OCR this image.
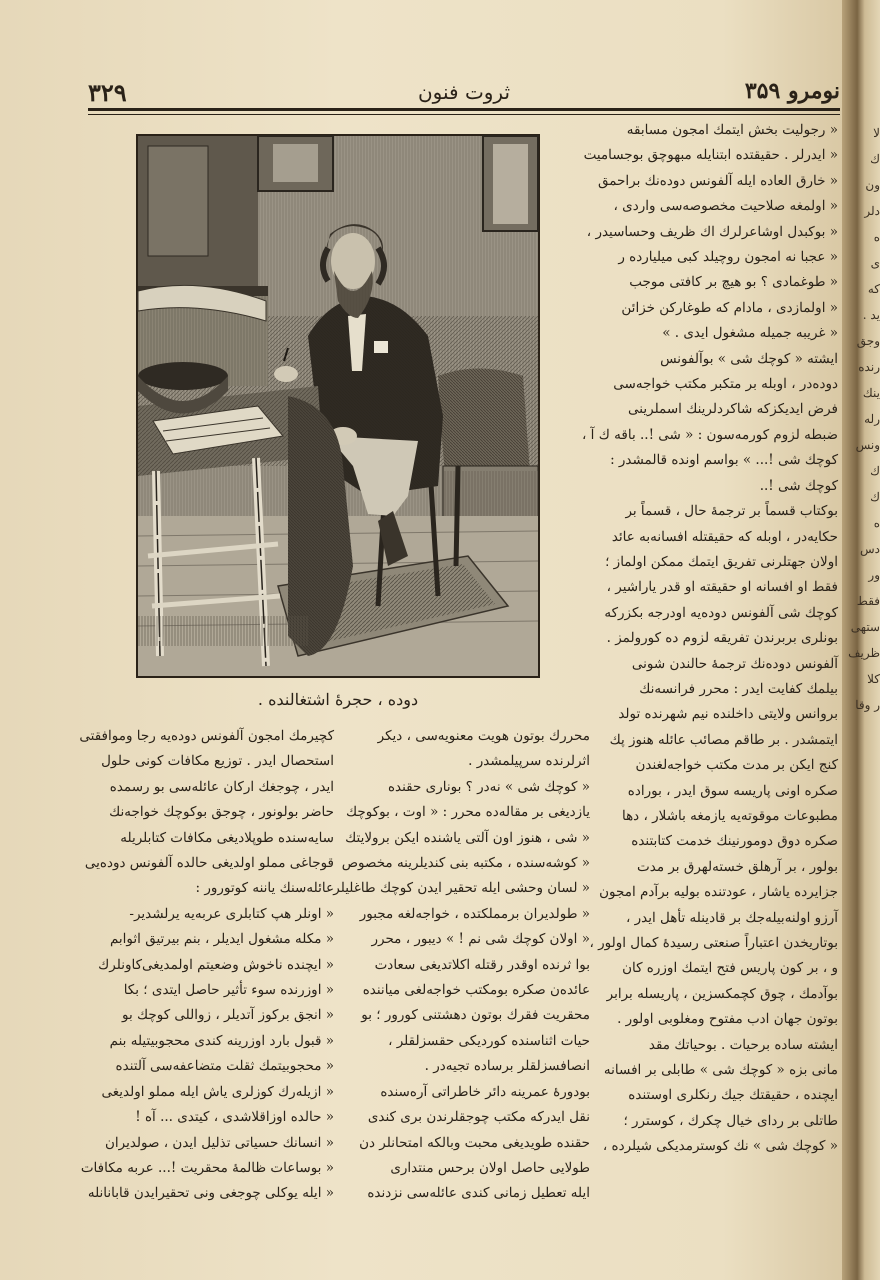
لا
ك
ون
دلر
ه
ى
كه
يد .
وجق
رنده
ينك
رله
ونس
ك
ك
ه
دس
ور
فقط
ستهى
ظريف
كلا
ر وقا
۳۲۹	ثروت فنون	نومرو ۳۵۹
دوده ، حجرهٔ اشتغالنده .
« رجولیت بخش ایتمك امجون مسابقه
« ایدرلر . حقیقتده ابتنایله مبهوچق بوجسامیت
« خارق العاده ایله آلفونس دوده‌نك براحمق
« اولمغه صلاحیت مخصوصه‌سی واردی ،
« بوکبدل اوشاعرلرك اك ظریف وحساسیدر ،
« عجبا نه امجون روچیلد کبی میلیارده ر
« طوغمادی ؟ بو هیچ بر کافتی موجب
« اولمازدی ، مادام که طوغارکن خزائن
« غریبه جمیله مشغول ایدی . »
ایشته « کوچك شی » بوآلفونس
دوده‌در ، اوبله بر متکبر مکتب خواجه‌سی
فرض ایدیکزکه شاکردلرینك اسملرینی
ضبطه لزوم کورمه‌سون : « شی !.. باقه ك آ ،
کوچك شی !... » بواسم اونده قالمشدر :
کوچك شی !..
بوکتاب قسماً بر ترجمهٔ حال ، قسماً بر
حکایه‌در ، اوبله که حقیقتله افسانه‌به عائد
اولان جهتلرنی تفریق ایتمك ممکن اولماز ؛
فقط او افسانه او حقیقته او قدر یاراشیر ،
کوچك شی آلفونس دوده‌یه اودرجه بکزرکه
بونلری بربرندن تفریقه لزوم ده کورولمز .
آلفونس دوده‌نك ترجمهٔ حالندن شونی
بیلمك کفایت ایدر : محرر فرانسه‌نك
بروانس ولایتی داخلنده نیم شهرنده تولد
ایتمشدر . بر طاقم مصائب عائله هنوز پك
کنج ایکن بر مدت مکتب خواجه‌لغندن
صکره اونی پاریسه سوق ایدر ، بوراده
مطبوعات موقوته‌یه یازمغه باشلار ، دها
صکره دوق دومورنینك خدمت کتابتنده
بولور ، بر آرهلق خسته‌لهرق بر مدت
جزایرده یاشار ، عودتنده بولیه برآدم امجون
آرزو اولنه‌بیله‌جك بر قادینله تأهل ایدر ،
بوتاریخدن اعتباراً صنعتی رسیدهٔ کمال اولور ،
و ، بر کون پاریس فتح ایتمك اوزره کان
بوآدمك ، چوق کچمکسزین ، پاریسله برابر
بوتون جهان ادب مفتوح ومغلوبی اولور .
ایشته ساده برحیات . بوحیاتك مقد
مانی بزه « کوچك شی » طابلی بر افسانه
ایچنده ، حقیقتك جیك رنکلری اوستنده
طاتلی بر ردای خیال چکرك ، کوسترر ؛
« کوچك شی » نك کوسترمدیکی شیلرده ،
محررك بوتون هویت معنویه‌سی ، دیکر
اثرلرنده سرپیلمشدر .
« کوچك شی » نه‌در ؟ بوناری حقنده
یازدیغی بر مقاله‌ده محرر : « اوت ، بوکوچك
« شی ، هنوز اون آلتی یاشنده ایکن برولایتك
« کوشه‌سنده ، مکتبه بنی کندیلرینه مخصوص
« لسان وحشی ایله تحقیر ایدن کوچك طاغلیلر
« طولدیران برمملکتده ، خواجه‌لغه مجبور
« اولان کوچك شی نم ! » دیبور ، محرر
بوا ثرنده اوقدر رقتله اکلاتدیغی سعادت
عائده‌ن صکره بومکتب خواجه‌لغی میاننده
محقریت فقرك بوتون دهشتنی کورور ؛ بو
حیات اثناسنده کوردیکی حقسزلقلر ،
انصافسزلقلر برساده تجیه‌در .
بودورهٔ عمرینه دائر خاطراتی آره‌سنده
نقل ایدرکه مکتب چوجقلرندن بری کندی
حقنده طویدیغی محبت وبالکه امتحانلر دن
طولایی حاصل اولان برحس منتداری
ایله تعطیل زمانی کندی عائله‌سی نزدنده
کچیرمك امجون آلفونس دوده‌یه رجا وموافقتی
استحصال ایدر . توزیع مکافات کونی حلول
ایدر ، چوجغك ارکان عائله‌سی بو رسمده
حاضر بولونور ، چوجق بوکوچك خواجه‌نك
سایه‌سنده طوپلادیغی مکافات کتابلریله
قوجاغی مملو اولدیغی حالده آلفونس دوده‌یی
عائله‌سنك یاننه کوتورور :
« اونلر هپ کتابلری عربه‌یه یرلشدیر-
« مکله مشغول ایدیلر ، بنم بیرتیق اثوابم
« ایچنده ناخوش وضعیتم اولمدیغی‌کاونلرك
« اوزرنده سوء تأثیر حاصل ایتدی ؛ بکا
« انجق برکوز آتدیلر ، زواللی کوچك بو
« قبول بارد اوزرینه کندی محجوبیتیله بنم
« محجوبیتمك ثقلت متضاعفه‌سی آلتنده
« ازیله‌رك کوزلری یاش ایله مملو اولدیغی
« حالده اوزاقلاشدی ، کیتدی ... آه !
« انسانك حسیاتی تذلیل ایدن ، صولدیران
« بوساعات ظالمهٔ محقریت !... عربه مکافات
« ایله یوکلی چوجغی ونی تحقیرایدن قابانانله
